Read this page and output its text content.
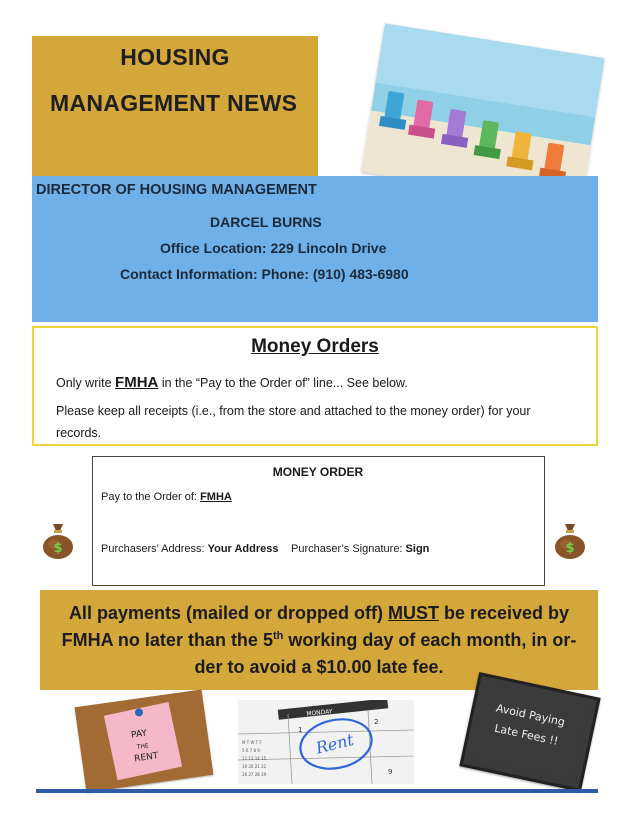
HOUSING
MANAGEMENT NEWS
DIRECTOR OF HOUSING MANAGEMENT
DARCEL BURNS
Office Location: 229 Lincoln Drive
Contact Information: Phone: (910) 483-6980
Money Orders
Only write FMHA in the “Pay to the Order of” line... See below.
Please keep all receipts (i.e., from the store and attached to the money order) for your
records.
$	$
MONEY ORDER
Pay to the Order of: FMHA
Purchasers’ Address: Your Address Purchaser’s Signature: Sign
All payments (mailed or dropped off) MUST be received by
FMHA no later than the 5th working day of each month, in or-
der to avoid a $10.00 late fee.
PAY
THE
RENT
MONDAY
1
2
9
Rent
M T W T F
5 6 7 8 9
12 13 14 15
19 20 21 22
26 27 28 29
Avoid Paying
Late Fees !!
